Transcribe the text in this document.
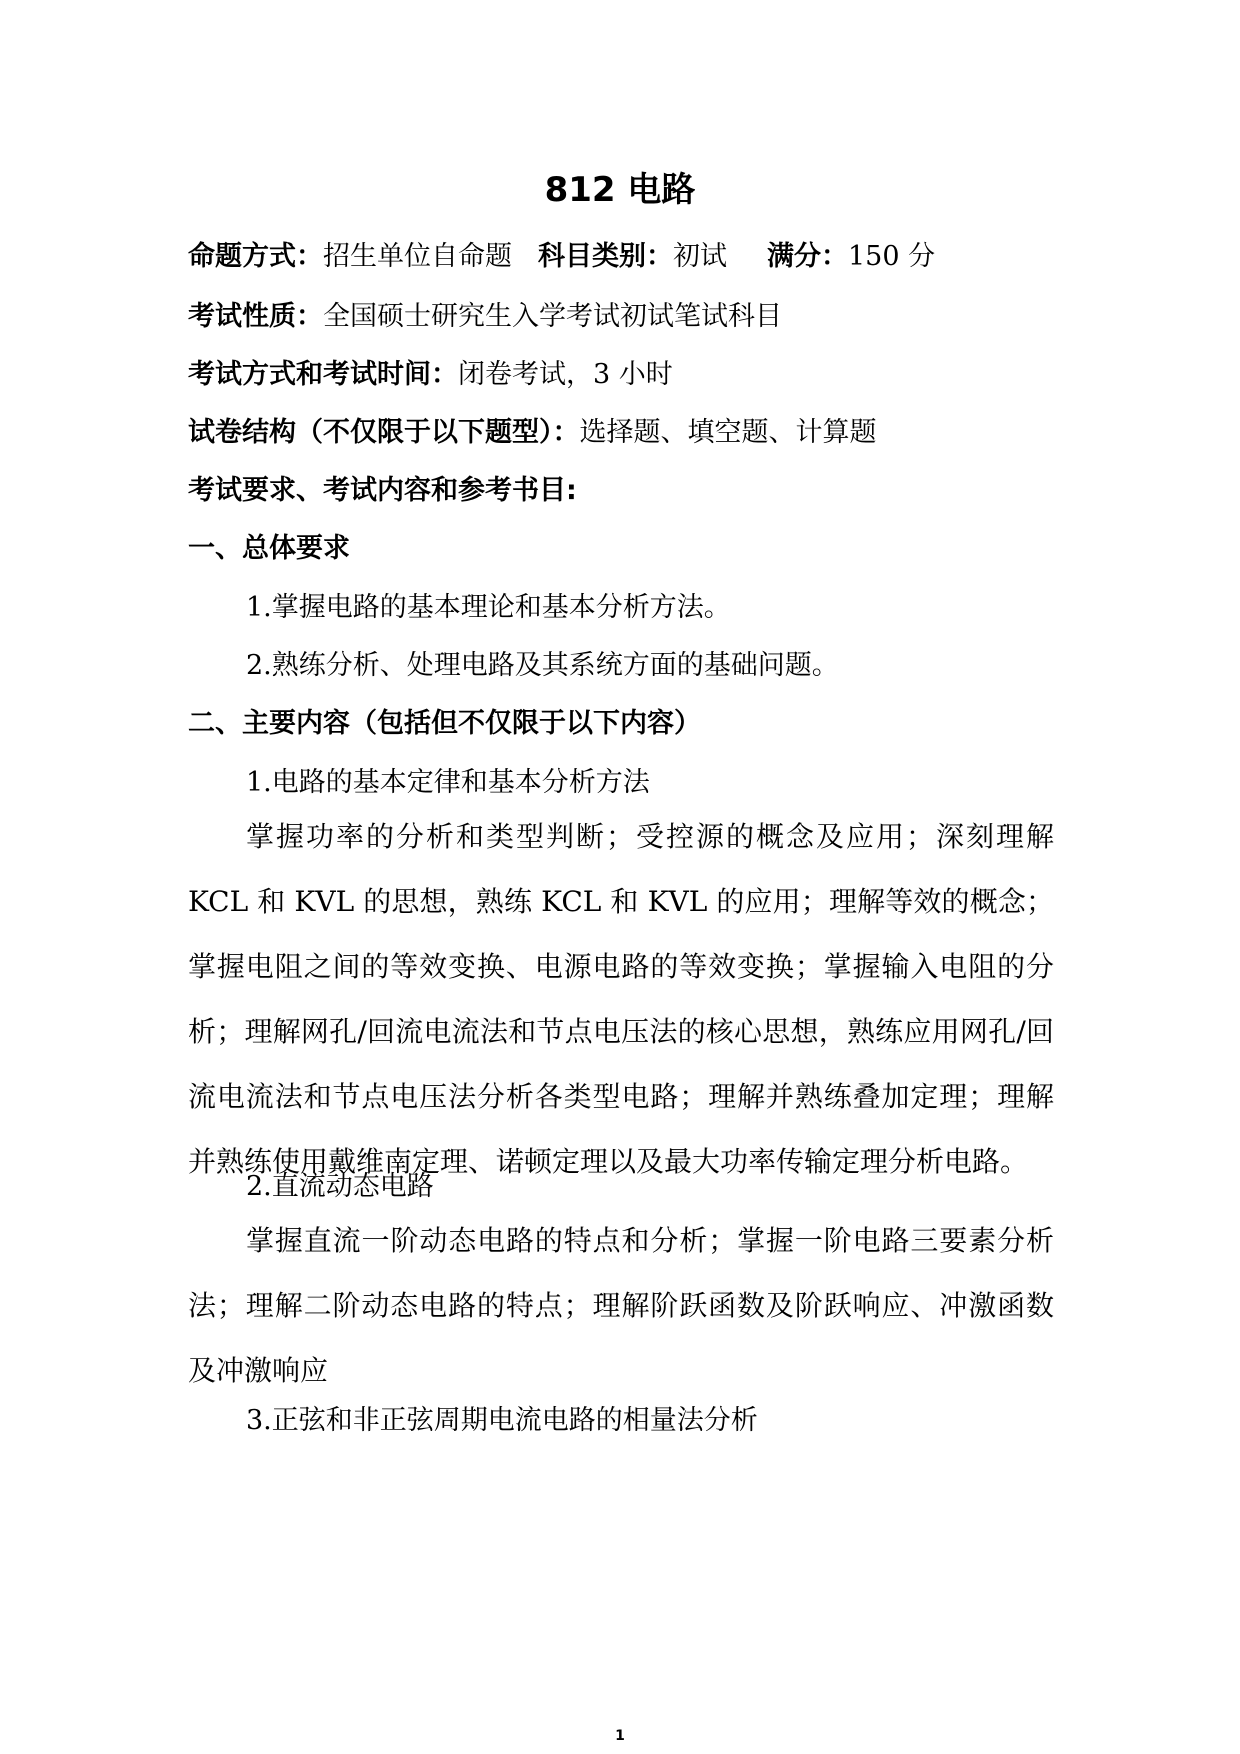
812 电路
命题方式：招生单位自命题 科目类别：初试 满分：150 分
考试性质：全国硕士研究生入学考试初试笔试科目
考试方式和考试时间：闭卷考试，3 小时
试卷结构（不仅限于以下题型）：选择题、填空题、计算题
考试要求、考试内容和参考书目:
一、总体要求
1.掌握电路的基本理论和基本分析方法。
2.熟练分析、处理电路及其系统方面的基础问题。
二、主要内容（包括但不仅限于以下内容）
1.电路的基本定律和基本分析方法

掌握功率的分析和类型判断；受控源的概念及应用；深刻理解 KCL 和 KVL 的思想，熟练 KCL 和 KVL 的应用；理解等效的概念；掌握电阻之间的等效变换、电源电路的等效变换；掌握输入电阻的分析；理解网孔/回流电流法和节点电压法的核心思想，熟练应用网孔/回流电流法和节点电压法分析各类型电路；理解并熟练叠加定理；理解并熟练使用戴维南定理、诺顿定理以及最大功率传输定理分析电路。

2.直流动态电路

掌握直流一阶动态电路的特点和分析；掌握一阶电路三要素分析法；理解二阶动态电路的特点；理解阶跃函数及阶跃响应、冲激函数及冲激响应

3.正弦和非正弦周期电流电路的相量法分析
1
